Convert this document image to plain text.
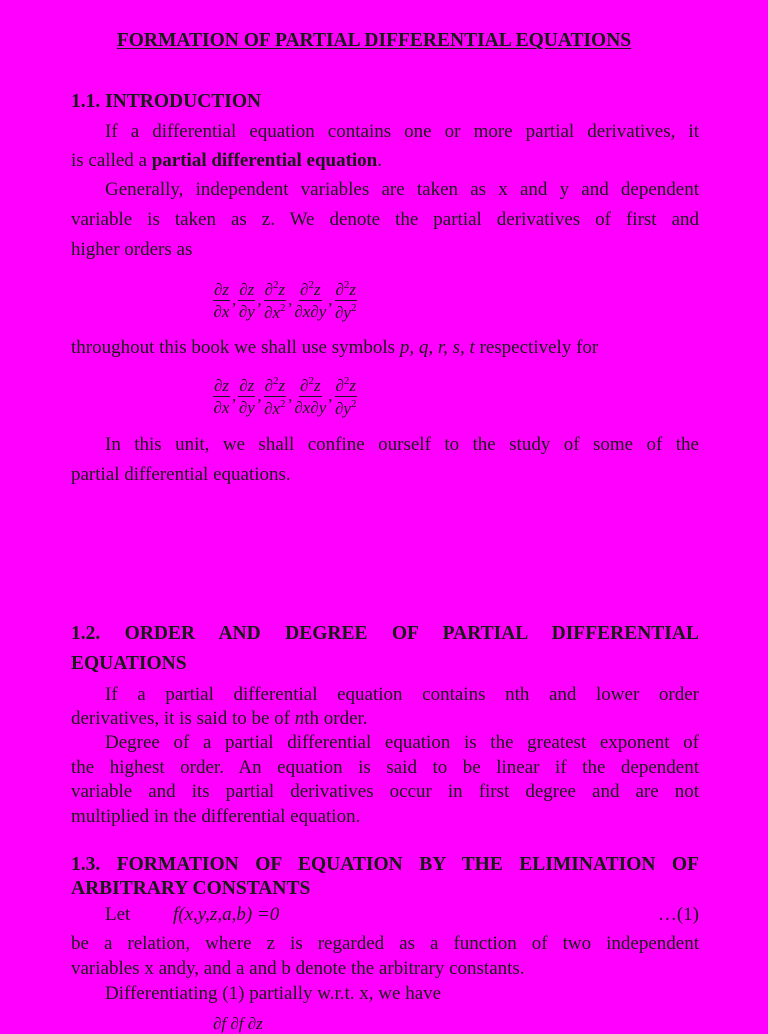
FORMATION OF PARTIAL DIFFERENTIAL EQUATIONS
1.1. INTRODUCTION
If a differential equation contains one or more partial derivatives, it
is called a partial differential equation.
Generally, independent variables are taken as x and y and dependent
variable is taken as z. We denote the partial derivatives of first and
higher orders as
$\frac{\partial z}{\partial x}$ , $\frac{\partial z}{\partial y}$ , $\frac{\partial^2z}{\partial x^2}$ , $\frac{\partial^2z}{\partial x\partial y}$ , $\frac{\partial^2z}{\partial y^2}$
throughout this book we shall use symbols p, q, r, s, t respectively for
$\frac{\partial z}{\partial x}$ , $\frac{\partial z}{\partial y}$ , $\frac{\partial^2z}{\partial x^2}$ , $\frac{\partial^2z}{\partial x\partial y}$ , $\frac{\partial^2z}{\partial y^2}$
In this unit, we shall confine ourself to the study of some of the
partial differential equations.
1.2. ORDER AND DEGREE OF PARTIAL DIFFERENTIAL
EQUATIONS
If a partial differential equation contains nth and lower order
derivatives, it is said to be of nth order.
Degree of a partial differential equation is the greatest exponent of
the highest order. An equation is said to be linear if the dependent
variable and its partial derivatives occur in first degree and are not
multiplied in the differential equation.
1.3. FORMATION OF EQUATION BY THE ELIMINATION OF
ARBITRARY CONSTANTS
Let f(x,y,z,a,b) =0	…(1)
be a relation, where z is regarded as a function of two independent
variables x andy, and a and b denote the arbitrary constants.
Differentiating (1) partially w.r.t. x, we have
∂f ∂f ∂z
